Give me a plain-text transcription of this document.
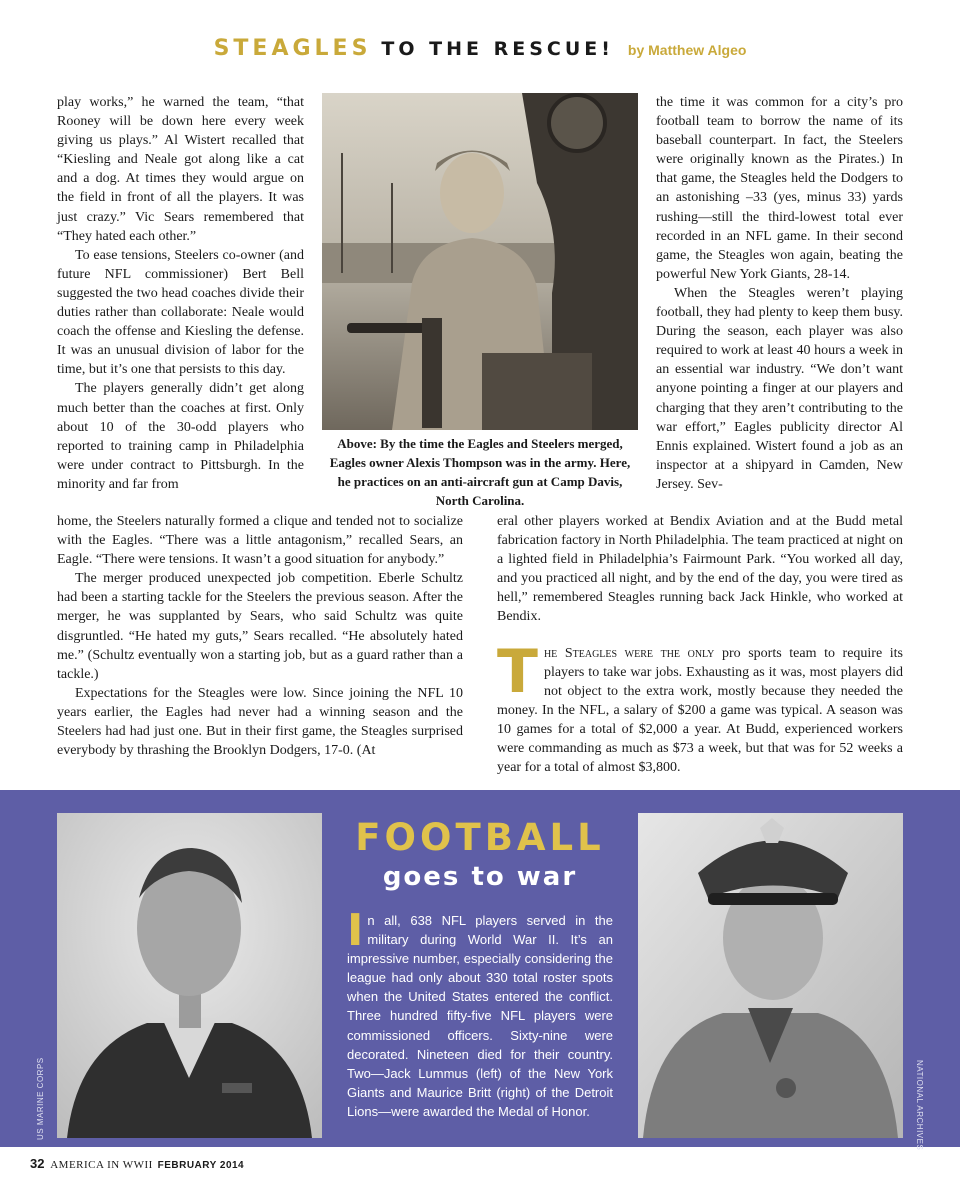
STEAGLES TO THE RESCUE! by Matthew Algeo

play works,” he warned the team, “that Rooney will be down here every week giving us plays.” Al Wistert recalled that “Kiesling and Neale got along like a cat and a dog. At times they would argue on the field in front of all the players. It was just crazy.” Vic Sears remembered that “They hated each other.”

To ease tensions, Steelers co-owner (and future NFL commissioner) Bert Bell suggested the two head coaches divide their duties rather than collaborate: Neale would coach the offense and Kiesling the defense. It was an unusual division of labor for the time, but it’s one that persists to this day.

The players generally didn’t get along much better than the coaches at first. Only about 10 of the 30-odd players who reported to training camp in Philadelphia were under contract to Pittsburgh. In the minority and far from

Above: By the time the Eagles and Steelers merged, Eagles owner Alexis Thompson was in the army. Here, he practices on an anti-aircraft gun at Camp Davis, North Carolina.

home, the Steelers naturally formed a clique and tended not to socialize with the Eagles. “There was a little antagonism,” recalled Sears, an Eagle. “There were tensions. It wasn’t a good situation for anybody.”

The merger produced unexpected job competition. Eberle Schultz had been a starting tackle for the Steelers the previous season. After the merger, he was supplanted by Sears, who said Schultz was quite disgruntled. “He hated my guts,” Sears recalled. “He absolutely hated me.” (Schultz eventually won a starting job, but as a guard rather than a tackle.)

Expectations for the Steagles were low. Since joining the NFL 10 years earlier, the Eagles had never had a winning season and the Steelers had had just one. But in their first game, the Steagles surprised everybody by thrashing the Brooklyn Dodgers, 17-0. (At

the time it was common for a city’s pro football team to borrow the name of its baseball counterpart. In fact, the Steelers were originally known as the Pirates.) In that game, the Steagles held the Dodgers to an astonishing –33 (yes, minus 33) yards rushing—still the third-lowest total ever recorded in an NFL game. In their second game, the Steagles won again, beating the powerful New York Giants, 28-14.

When the Steagles weren’t playing football, they had plenty to keep them busy. During the season, each player was also required to work at least 40 hours a week in an essential war industry. “We don’t want anyone pointing a finger at our players and charging that they aren’t contributing to the war effort,” Eagles publicity director Al Ennis explained. Wistert found a job as an inspector at a shipyard in Camden, New Jersey. Sev-

eral other players worked at Bendix Aviation and at the Budd metal fabrication factory in North Philadelphia. The team practiced at night on a lighted field in Philadelphia’s Fairmount Park. “You worked all day, and you practiced all night, and by the end of the day, you were tired as hell,” remembered Steagles running back Jack Hinkle, who worked at Bendix.

The Steagles were the only pro sports team to require its players to take war jobs. Exhausting as it was, most players did not object to the extra work, mostly because they needed the money. In the NFL, a salary of $200 a game was typical. A season was 10 games for a total of $2,000 a year. At Budd, experienced workers were commanding as much as $73 a week, but that was for 52 weeks a year for a total of almost $3,800.

US MARINE CORPS
FOOTBALL
goes to war
In all, 638 NFL players served in the military during World War II. It’s an impressive number, especially considering the league had only about 330 total roster spots when the United States entered the conflict. Three hundred fifty-five NFL players were commissioned officers. Sixty-nine were decorated. Nineteen died for their country. Two—Jack Lummus (left) of the New York Giants and Maurice Britt (right) of the Detroit Lions—were awarded the Medal of Honor.	NATIONAL ARCHIVES
32 AMERICA IN WWII FEBRUARY 2014
